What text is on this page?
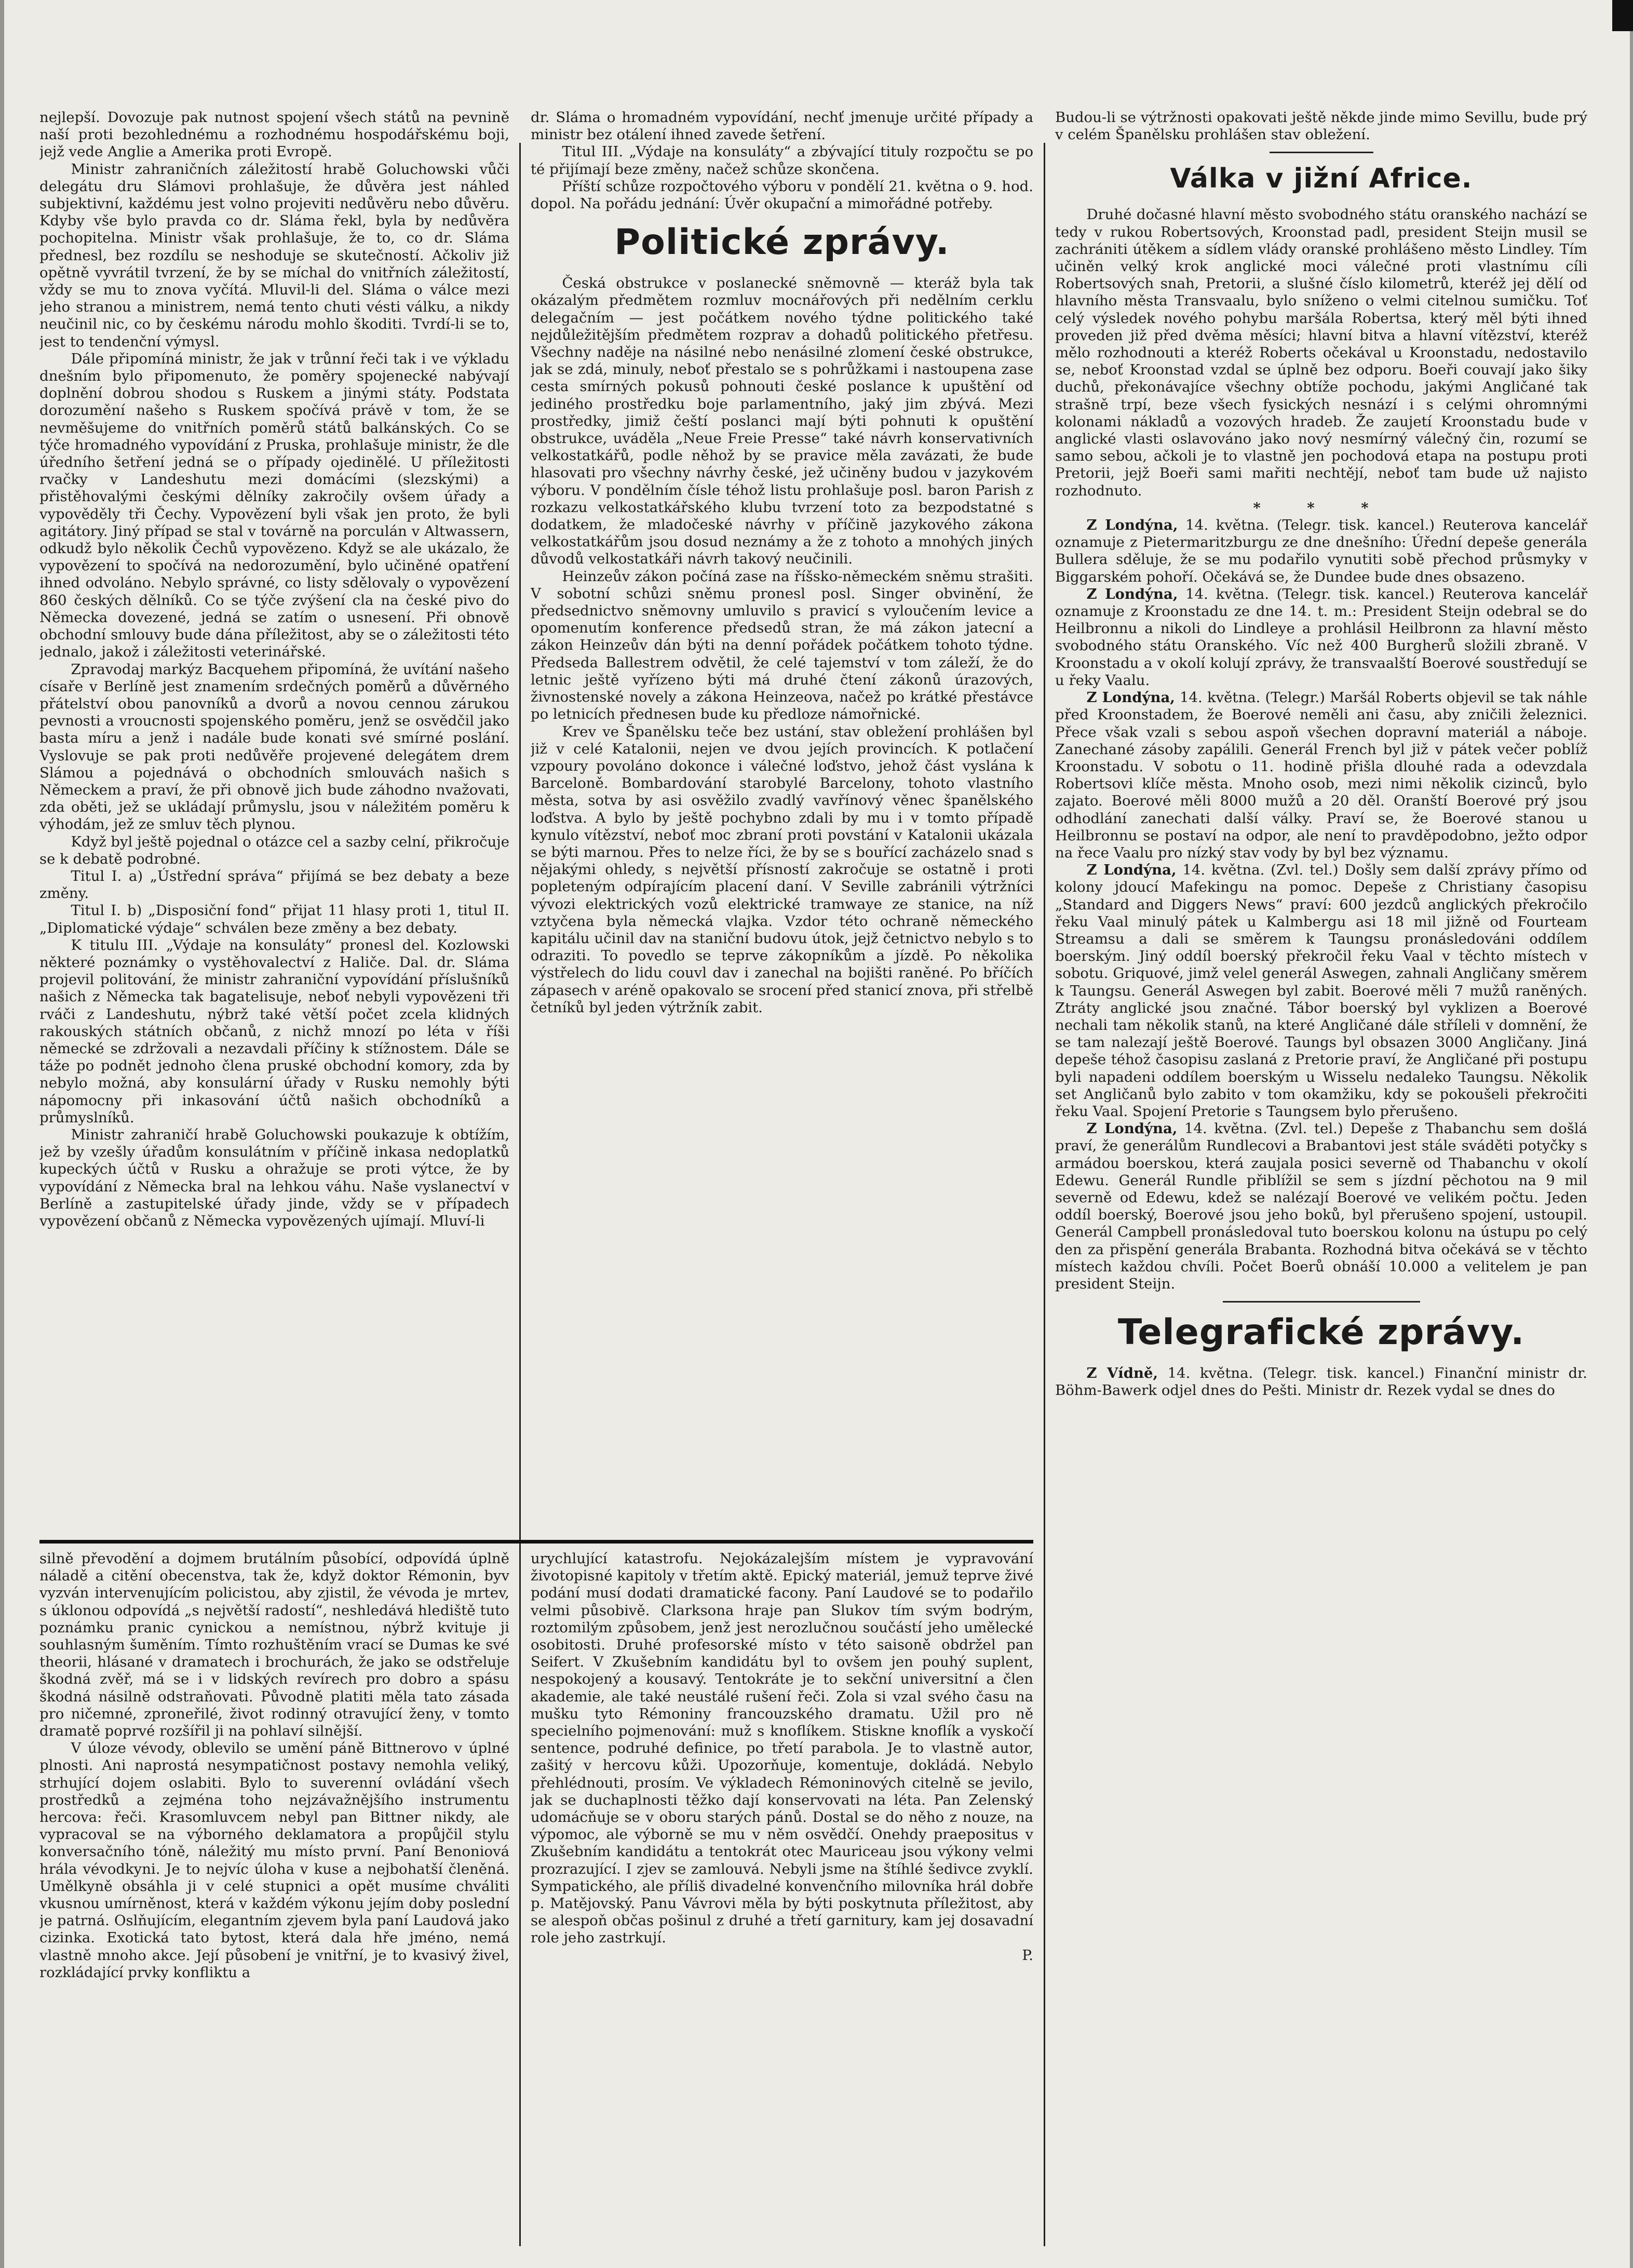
nejlepší. Dovozuje pak nutnost spojení všech států na pevnině naší proti bezohlednému a rozhodnému hospodářskému boji, jejž vede Anglie a Amerika proti Evropě.

Ministr zahraničních záležitostí hrabě Goluchowski vůči delegátu dru Slámovi prohlašuje, že důvěra jest náhled subjektivní, každému jest volno projeviti nedůvěru nebo důvěru. Kdyby vše bylo pravda co dr. Sláma řekl, byla by nedůvěra pochopitelna. Ministr však prohlašuje, že to, co dr. Sláma přednesl, bez rozdílu se neshoduje se skutečností. Ačkoliv již opětně vyvrátil tvrzení, že by se míchal do vnitřních záležitostí, vždy se mu to znova vyčítá. Mluvil-li del. Sláma o válce mezi jeho stranou a ministrem, nemá tento chuti vésti válku, a nikdy neučinil nic, co by českému národu mohlo škoditi. Tvrdí-li se to, jest to tendenční výmysl.

Dále připomíná ministr, že jak v trůnní řeči tak i ve výkladu dnešním bylo připomenuto, že poměry spojenecké nabývají doplnění dobrou shodou s Ruskem a jinými státy. Podstata dorozumění našeho s Ruskem spočívá právě v tom, že se nevměšujeme do vnitřních poměrů států balkánských. Co se týče hromadného vypovídání z Pruska, prohlašuje ministr, že dle úředního šetření jedná se o případy ojedinělé. U příležitosti rvačky v Landeshutu mezi domácími (slezskými) a přistěhovalými českými dělníky zakročily ovšem úřady a vypověděly tři Čechy. Vypovězení byli však jen proto, že byli agitátory. Jiný případ se stal v továrně na porculán v Altwassern, odkudž bylo několik Čechů vypovězeno. Když se ale ukázalo, že vypovězení to spočívá na nedorozumění, bylo učiněné opatření ihned odvoláno. Nebylo správné, co listy sdělovaly o vypovězení 860 českých dělníků. Co se týče zvýšení cla na české pivo do Německa dovezené, jedná se zatím o usnesení. Při obnově obchodní smlouvy bude dána příležitost, aby se o záležitosti této jednalo, jakož i záležitosti veterinářské.

Zpravodaj markýz Bacquehem připomíná, že uvítání našeho císaře v Berlíně jest znamením srdečných poměrů a důvěrného přátelství obou panovníků a dvorů a novou cennou zárukou pevnosti a vroucnosti spojenského poměru, jenž se osvědčil jako basta míru a jenž i nadále bude konati své smírné poslání. Vyslovuje se pak proti nedůvěře projevené delegátem drem Slámou a pojednává o obchodních smlouvách našich s Německem a praví, že při obnově jich bude záhodno nvažovati, zda oběti, jež se ukládají průmyslu, jsou v náležitém poměru k výhodám, jež ze smluv těch plynou.

Když byl ještě pojednal o otázce cel a sazby celní, přikročuje se k debatě podrobné.

Titul I. a) „Ústřední správa“ přijímá se bez debaty a beze změny.

Titul I. b) „Disposiční fond“ přijat 11 hlasy proti 1, titul II. „Diplomatické výdaje“ schválen beze změny a bez debaty.

K titulu III. „Výdaje na konsuláty“ pronesl del. Kozlowski některé poznámky o vystěhovalectví z Haliče. Dal. dr. Sláma projevil politování, že ministr zahraniční vypovídání příslušníků našich z Německa tak bagatelisuje, neboť nebyli vypovězeni tři rváči z Landeshutu, nýbrž také větší počet zcela klidných rakouských státních občanů, z nichž mnozí po léta v říši německé se zdržovali a nezavdali příčiny k stížnostem. Dále se táže po podnět jednoho člena pruské obchodní komory, zda by nebylo možná, aby konsulární úřady v Rusku nemohly býti nápomocny při inkasování účtů našich obchodníků a průmyslníků.

Ministr zahraničí hrabě Goluchowski poukazuje k obtížím, jež by vzešly úřadům konsulátním v příčině inkasa nedoplatků kupeckých účtů v Rusku a ohražuje se proti výtce, že by vypovídání z Německa bral na lehkou váhu. Naše vyslanectví v Berlíně a zastupitelské úřady jinde, vždy se v případech vypovězení občanů z Německa vypovězených ujímají. Mluví-li

dr. Sláma o hromadném vypovídání, nechť jmenuje určité případy a ministr bez otálení ihned zavede šetření.

Titul III. „Výdaje na konsuláty“ a zbývající tituly rozpočtu se po té přijímají beze změny, načež schůze skončena.

Příští schůze rozpočtového výboru v pondělí 21. května o 9. hod. dopol. Na pořádu jednání: Úvěr okupační a mimořádné potřeby.

Politické zprávy.

Česká obstrukce v poslanecké sněmovně — kteráž byla tak okázalým předmětem rozmluv mocnářových při nedělním cerklu delegačním — jest počátkem nového týdne politického také nejdůležitějším předmětem rozprav a dohadů politického přetřesu. Všechny naděje na násilné nebo nenásilné zlomení české obstrukce, jak se zdá, minuly, neboť přestalo se s pohrůžkami i nastoupena zase cesta smírných pokusů pohnouti české poslance k upuštění od jediného prostředku boje parlamentního, jaký jim zbývá. Mezi prostředky, jimiž čeští poslanci mají býti pohnuti k opuštění obstrukce, uváděla „Neue Freie Presse“ také návrh konservativních velkostatkářů, podle něhož by se pravice měla zavázati, že bude hlasovati pro všechny návrhy české, jež učiněny budou v jazykovém výboru. V pondělním čísle téhož listu prohlašuje posl. baron Parish z rozkazu velkostatkářského klubu tvrzení toto za bezpodstatné s dodatkem, že mladočeské návrhy v příčině jazykového zákona velkostatkářům jsou dosud neznámy a že z tohoto a mnohých jiných důvodů velkostatkáři návrh takový neučinili.

Heinzeův zákon počíná zase na říšsko-německém sněmu strašiti. V sobotní schůzi sněmu pronesl posl. Singer obvinění, že předsednictvo sněmovny umluvilo s pravicí s vyloučením levice a opomenutím konference předsedů stran, že má zákon jatecní a zákon Heinzeův dán býti na denní pořádek počátkem tohoto týdne. Předseda Ballestrem odvětil, že celé tajemství v tom záleží, že do letnic ještě vyřízeno býti má druhé čtení zákonů úrazových, živnostenské novely a zákona Heinzeova, načež po krátké přestávce po letnicích přednesen bude ku předloze námořnické.

Krev ve Španělsku teče bez ustání, stav obležení prohlášen byl již v celé Katalonii, nejen ve dvou jejích provincích. K potlačení vzpoury povoláno dokonce i válečné loďstvo, jehož část vyslána k Barceloně. Bombardování starobylé Barcelony, tohoto vlastního města, sotva by asi osvěžilo zvadlý vavřínový věnec španělského loďstva. A bylo by ještě pochybno zdali by mu i v tomto případě kynulo vítězství, neboť moc zbraní proti povstání v Katalonii ukázala se býti marnou. Přes to nelze říci, že by se s bouřící zacházelo snad s nějakými ohledy, s největší přísností zakročuje se ostatně i proti popleteným odpírajícím placení daní. V Seville zabránili výtržníci vývozi elektrických vozů elektrické tramwaye ze stanice, na níž vztyčena byla německá vlajka. Vzdor této ochraně německého kapitálu učinil dav na staniční budovu útok, jejž četnictvo nebylo s to odraziti. To povedlo se teprve zákopníkům a jízdě. Po několika výstřelech do lidu couvl dav i zanechal na bojišti raněné. Po bříčích zápasech v aréně opakovalo se srocení před stanicí znova, při střelbě četníků byl jeden výtržník zabit.

Budou-li se výtržnosti opakovati ještě někde jinde mimo Sevillu, bude prý v celém Španělsku prohlášen stav obležení.

Válka v jižní Africe.

Druhé dočasné hlavní město svobodného státu oranského nachází se tedy v rukou Robertsových, Kroonstad padl, president Steijn musil se zachrániti útěkem a sídlem vlády oranské prohlášeno město Lindley. Tím učiněn velký krok anglické moci válečné proti vlastnímu cíli Robertsových snah, Pretorii, a slušné číslo kilometrů, kteréž jej dělí od hlavního města Transvaalu, bylo sníženo o velmi citelnou sumičku. Toť celý výsledek nového pohybu maršála Robertsa, který měl býti ihned proveden již před dvěma měsíci; hlavní bitva a hlavní vítězství, kteréž mělo rozhodnouti a kteréž Roberts očekával u Kroonstadu, nedostavilo se, neboť Kroonstad vzdal se úplně bez odporu. Boeři couvají jako šiky duchů, překonávajíce všechny obtíže pochodu, jakými Angličané tak strašně trpí, beze všech fysických nesnází i s celými ohromnými kolonami nákladů a vozových hradeb. Že zaujetí Kroonstadu bude v anglické vlasti oslavováno jako nový nesmírný válečný čin, rozumí se samo sebou, ačkoli je to vlastně jen pochodová etapa na postupu proti Pretorii, jejž Boeři sami mařiti nechtějí, neboť tam bude už najisto rozhodnuto.

* * *

Z Londýna, 14. května. (Telegr. tisk. kancel.) Reuterova kancelář oznamuje z Pietermaritzburgu ze dne dnešního: Úřední depeše generála Bullera sděluje, že se mu podařilo vynutiti sobě přechod průsmyky v Biggarském pohoří. Očekává se, že Dundee bude dnes obsazeno.

Z Londýna, 14. května. (Telegr. tisk. kancel.) Reuterova kancelář oznamuje z Kroonstadu ze dne 14. t. m.: President Steijn odebral se do Heilbronnu a nikoli do Lindleye a prohlásil Heilbronn za hlavní město svobodného státu Oranského. Víc než 400 Burgherů složili zbraně. V Kroonstadu a v okolí kolují zprávy, že transvaalští Boerové soustředují se u řeky Vaalu.

Z Londýna, 14. května. (Telegr.) Maršál Roberts objevil se tak náhle před Kroonstadem, že Boerové neměli ani času, aby zničili železnici. Přece však vzali s sebou aspoň všechen dopravní materiál a náboje. Zanechané zásoby zapálili. Generál French byl již v pátek večer poblíž Kroonstadu. V sobotu o 11. hodině přišla dlouhé rada a odevzdala Robertsovi klíče města. Mnoho osob, mezi nimi několik cizinců, bylo zajato. Boerové měli 8000 mužů a 20 děl. Oranští Boerové prý jsou odhodlání zanechati další války. Praví se, že Boerové stanou u Heilbronnu se postaví na odpor, ale není to pravděpodobno, ježto odpor na řece Vaalu pro nízký stav vody by byl bez významu.

Z Londýna, 14. května. (Zvl. tel.) Došly sem další zprávy přímo od kolony jdoucí Mafekingu na pomoc. Depeše z Christiany časopisu „Standard and Diggers News“ praví: 600 jezdců anglických překročilo řeku Vaal minulý pátek u Kalmbergu asi 18 mil jižně od Fourteam Streamsu a dali se směrem k Taungsu pronásledováni oddílem boerským. Jiný oddíl boerský překročil řeku Vaal v těchto místech v sobotu. Griquové, jimž velel generál Aswegen, zahnali Angličany směrem k Taungsu. Generál Aswegen byl zabit. Boerové měli 7 mužů raněných. Ztráty anglické jsou značné. Tábor boerský byl vyklizen a Boerové nechali tam několik stanů, na které Angličané dále stříleli v domnění, že se tam nalezají ještě Boerové. Taungs byl obsazen 3000 Angličany. Jiná depeše téhož časopisu zaslaná z Pretorie praví, že Angličané při postupu byli napadeni oddílem boerským u Wisselu nedaleko Taungsu. Několik set Angličanů bylo zabito v tom okamžiku, kdy se pokoušeli překročiti řeku Vaal. Spojení Pretorie s Taungsem bylo přerušeno.

Z Londýna, 14. května. (Zvl. tel.) Depeše z Thabanchu sem došlá praví, že generálům Rundlecovi a Brabantovi jest stále sváděti potyčky s armádou boerskou, která zaujala posici severně od Thabanchu v okolí Edewu. Generál Rundle přiblížil se sem s jízdní pěchotou na 9 mil severně od Edewu, kdež se nalézají Boerové ve velikém počtu. Jeden oddíl boerský, Boerové jsou jeho boků, byl přerušeno spojení, ustoupil. Generál Campbell pronásledoval tuto boerskou kolonu na ústupu po celý den za přispění generála Brabanta. Rozhodná bitva očekává se v těchto místech každou chvíli. Počet Boerů obnáší 10.000 a velitelem je pan president Steijn.

Telegrafické zprávy.

Z Vídně, 14. května. (Telegr. tisk. kancel.) Finanční ministr dr. Böhm-Bawerk odjel dnes do Pešti. Ministr dr. Rezek vydal se dnes do

silně převodění a dojmem brutálním působící, odpovídá úplně náladě a citění obecenstva, tak že, když doktor Rémonin, byv vyzván intervenujícím policistou, aby zjistil, že vévoda je mrtev, s úklonou odpovídá „s největší radostí“, neshledává hlediště tuto poznámku pranic cynickou a nemístnou, nýbrž kvituje ji souhlasným šuměním. Tímto rozhuštěním vrací se Dumas ke své theorii, hlásané v dramatech i brochurách, že jako se odstřeluje škodná zvěř, má se i v lidských revírech pro dobro a spásu škodná násilně odstraňovati. Původně platiti měla tato zásada pro ničemné, zproneřilé, život rodinný otravující ženy, v tomto dramatě poprvé rozšířil ji na pohlaví silnější.

V úloze vévody, oblevilo se umění páně Bittnerovo v úplné plnosti. Ani naprostá nesympatičnost postavy nemohla veliký, strhující dojem oslabiti. Bylo to suverenní ovládání všech prostředků a zejména toho nejzávažnějšího instrumentu hercova: řeči. Krasomluvcem nebyl pan Bittner nikdy, ale vypracoval se na výborného deklamatora a propůjčil stylu konversačního tóně, náležitý mu místo první. Paní Benoniová hrála vévodkyni. Je to nejvíc úloha v kuse a nejbohatší členěná. Umělkyně obsáhla ji v celé stupnici a opět musíme chváliti vkusnou umírněnost, která v každém výkonu jejím doby poslední je patrná. Oslňujícím, elegantním zjevem byla paní Laudová jako cizinka. Exotická tato bytost, která dala hře jméno, nemá vlastně mnoho akce. Její působení je vnitřní, je to kvasivý živel, rozkládající prvky konfliktu a

urychlující katastrofu. Nejokázalejším místem je vypravování životopisné kapitoly v třetím aktě. Epický materiál, jemuž teprve živé podání musí dodati dramatické facony. Paní Laudové se to podařilo velmi působivě. Clarksona hraje pan Slukov tím svým bodrým, roztomilým způsobem, jenž jest nerozlučnou součástí jeho umělecké osobitosti. Druhé profesorské místo v této saisoně obdržel pan Seifert. V Zkušebním kandidátu byl to ovšem jen pouhý suplent, nespokojený a kousavý. Tentokráte je to sekční universitní a člen akademie, ale také neustálé rušení řeči. Zola si vzal svého času na mušku tyto Rémoniny francouzského dramatu. Užil pro ně specielního pojmenování: muž s knoflíkem. Stiskne knoflík a vyskočí sentence, podruhé definice, po třetí parabola. Je to vlastně autor, zašitý v hercovu kůži. Upozorňuje, komentuje, dokládá. Nebylo přehlédnouti, prosím. Ve výkladech Rémoninových citelně se jevilo, jak se duchaplnosti těžko dají konservovati na léta. Pan Zelenský udomácňuje se v oboru starých pánů. Dostal se do něho z nouze, na výpomoc, ale výborně se mu v něm osvědčí. Onehdy praepositus v Zkušebním kandidátu a tentokrát otec Mauriceau jsou výkony velmi prozrazující. I zjev se zamlouvá. Nebyli jsme na štíhlé šedivce zvyklí. Sympatického, ale příliš divadelné konvenčního milovníka hrál dobře p. Matějovský. Panu Vávrovi měla by býti poskytnuta příležitost, aby se alespoň občas pošinul z druhé a třetí garnitury, kam jej dosavadní role jeho zastrkují.

P.
